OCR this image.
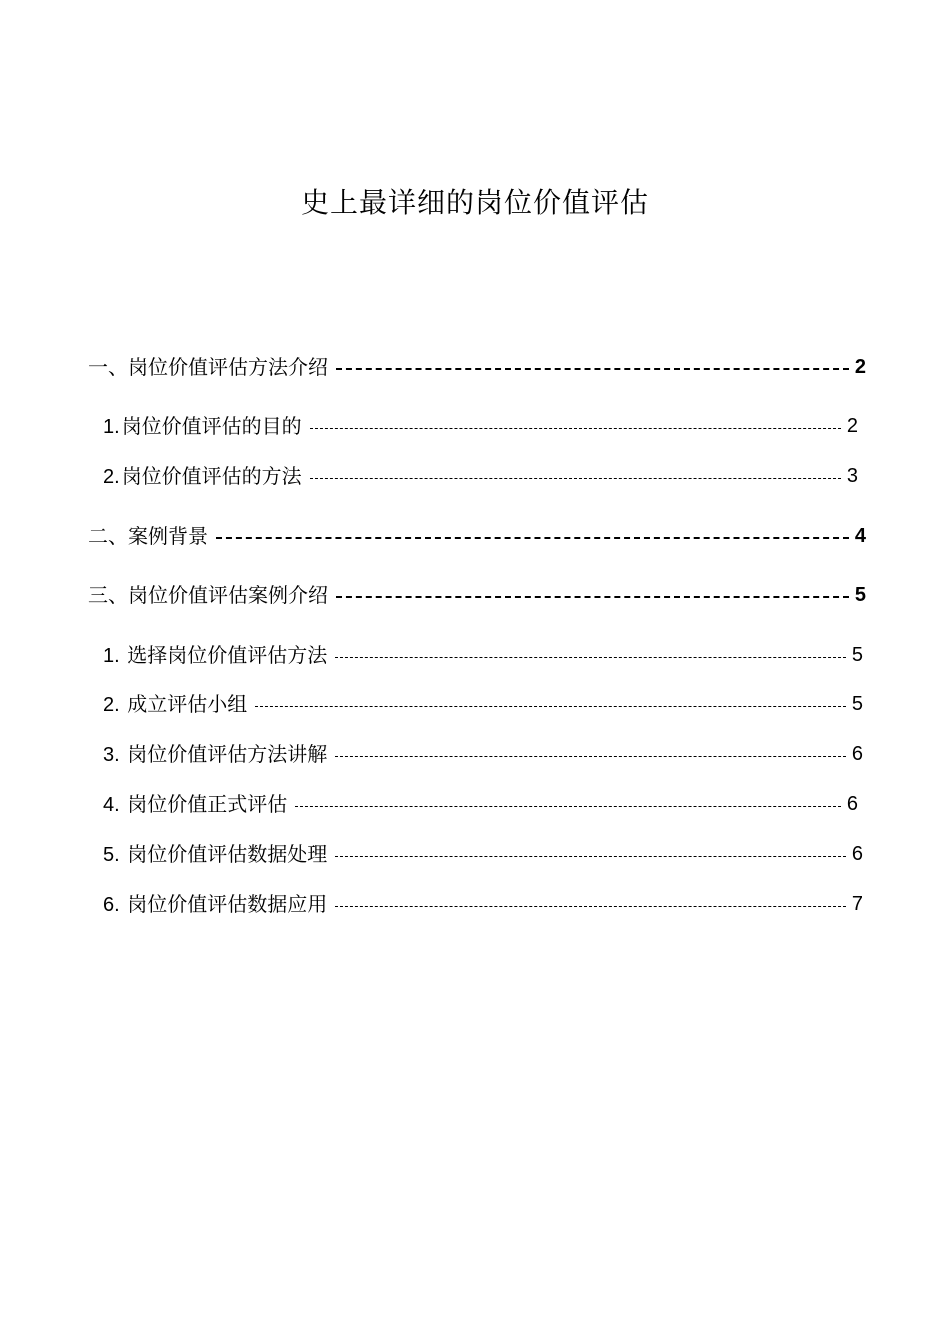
史上最详细的岗位价值评估
一、岗位价值评估方法介绍	2
1. 岗位价值评估的目的	2
2. 岗位价值评估的方法	3
二、案例背景	4
三、岗位价值评估案例介绍	5
1. 选择岗位价值评估方法	5
2. 成立评估小组	5
3. 岗位价值评估方法讲解	6
4. 岗位价值正式评估	6
5. 岗位价值评估数据处理	6
6. 岗位价值评估数据应用	7
